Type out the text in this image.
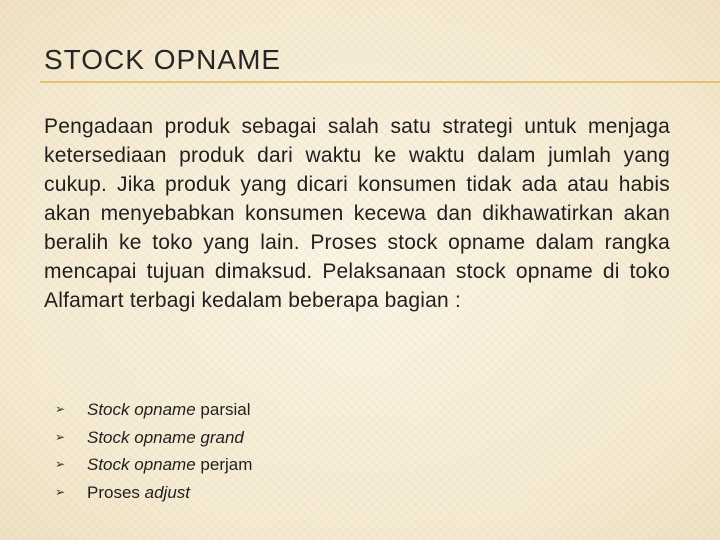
STOCK OPNAME

Pengadaan produk sebagai salah satu strategi untuk menjaga ketersediaan produk dari waktu ke waktu dalam jumlah yang cukup. Jika produk yang dicari konsumen tidak ada atau habis akan menyebabkan konsumen kecewa dan dikhawatirkan akan beralih ke toko yang lain. Proses stock opname dalam rangka mencapai tujuan dimaksud. Pelaksanaan stock opname di toko Alfamart terbagi kedalam beberapa bagian :

➢ Stock opname parsial
➢ Stock opname grand
➢ Stock opname perjam
➢ Proses adjust
